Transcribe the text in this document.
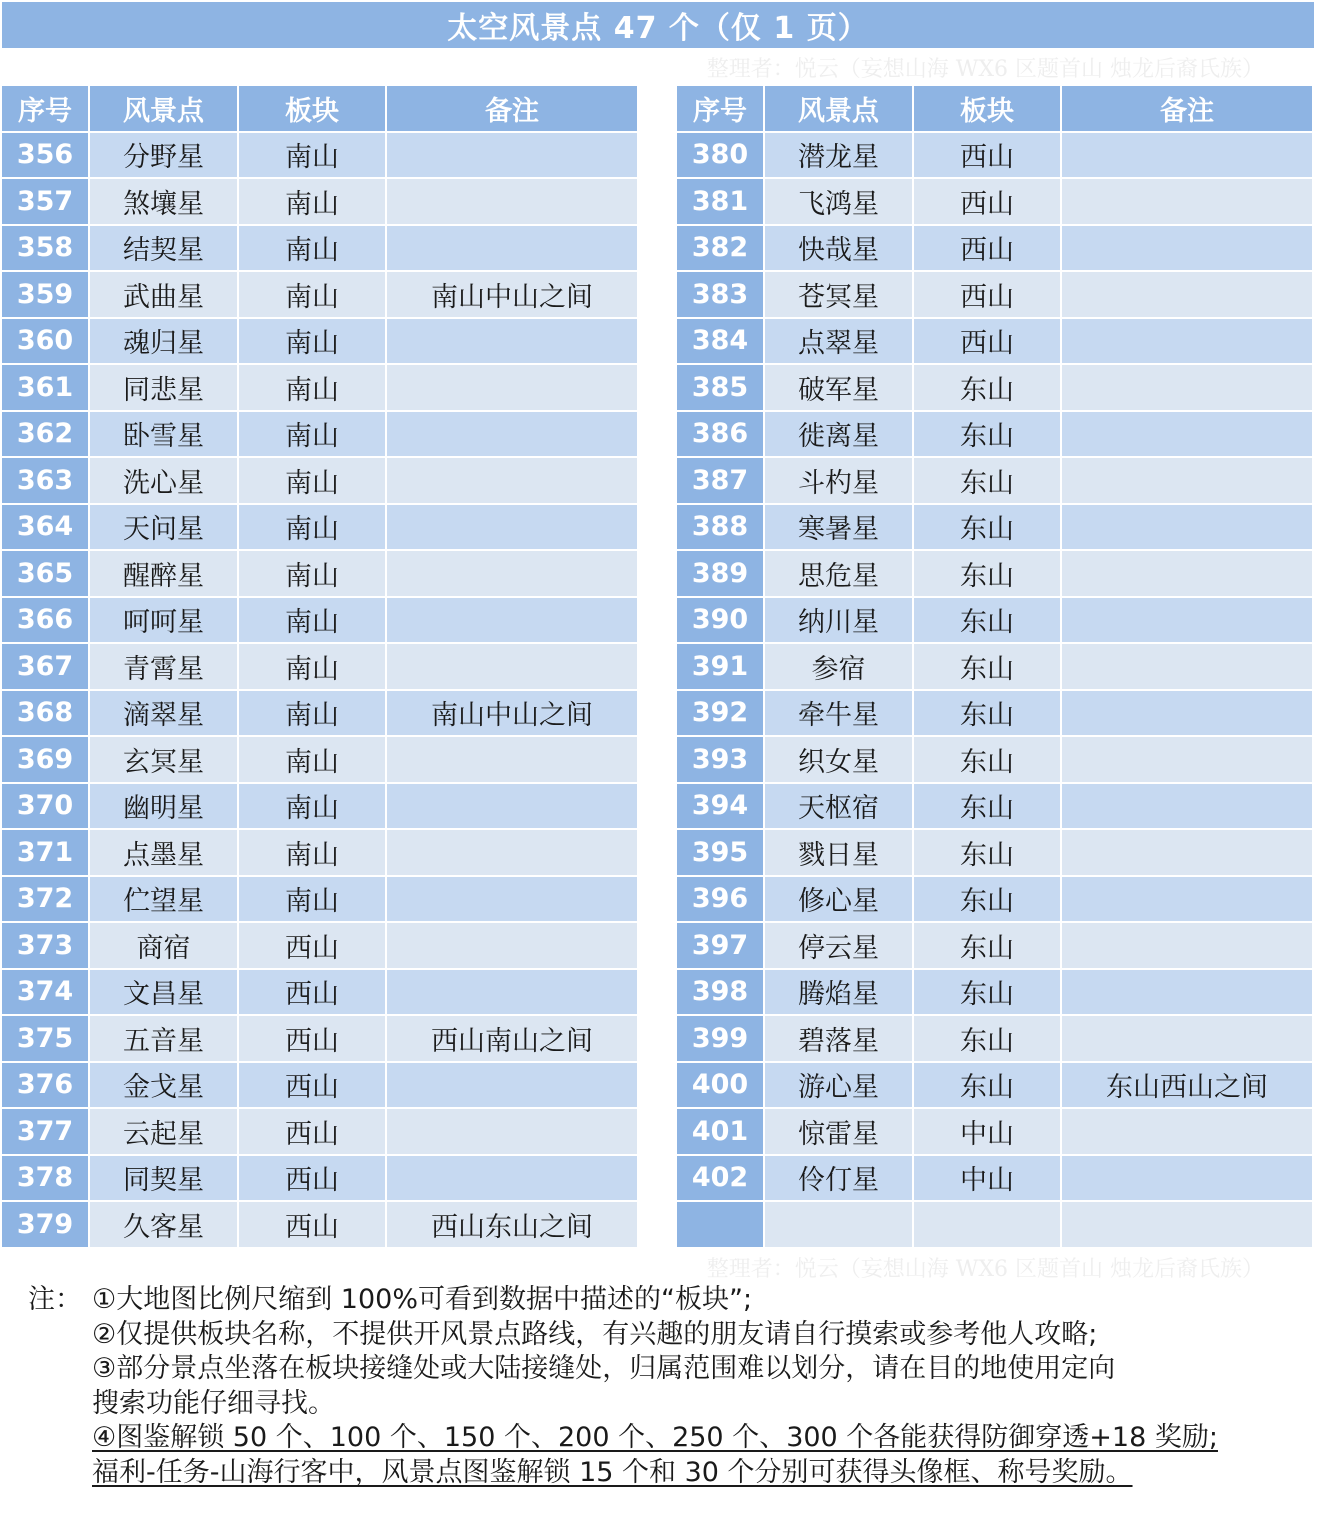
太空风景点 47 个（仅 1 页）
整理者：悦云（妄想山海 WX6 区题首山 烛龙后裔氏族）
序号	风景点	板块	备注
356	分野星	南山
357	煞壤星	南山
358	结契星	南山
359	武曲星	南山	南山中山之间
360	魂归星	南山
361	同悲星	南山
362	卧雪星	南山
363	洗心星	南山
364	天问星	南山
365	醒醉星	南山
366	呵呵星	南山
367	青霄星	南山
368	滴翠星	南山	南山中山之间
369	玄冥星	南山
370	幽明星	南山
371	点墨星	南山
372	伫望星	南山
373	商宿	西山
374	文昌星	西山
375	五音星	西山	西山南山之间
376	金戈星	西山
377	云起星	西山
378	同契星	西山
379	久客星	西山	西山东山之间
序号	风景点	板块	备注
380	潜龙星	西山
381	飞鸿星	西山
382	快哉星	西山
383	苍冥星	西山
384	点翠星	西山
385	破军星	东山
386	徙离星	东山
387	斗杓星	东山
388	寒暑星	东山
389	思危星	东山
390	纳川星	东山
391	参宿	东山
392	牵牛星	东山
393	织女星	东山
394	天枢宿	东山
395	戮日星	东山
396	修心星	东山
397	停云星	东山
398	腾焰星	东山
399	碧落星	东山
400	游心星	东山	东山西山之间
401	惊雷星	中山
402	伶仃星	中山
整理者：悦云（妄想山海 WX6 区题首山 烛龙后裔氏族）
注： ①大地图比例尺缩到 100%可看到数据中描述的“板块”;
②仅提供板块名称，不提供开风景点路线，有兴趣的朋友请自行摸索或参考他人攻略;
③部分景点坐落在板块接缝处或大陆接缝处，归属范围难以划分，请在目的地使用定向
搜索功能仔细寻找。
④图鉴解锁 50 个、100 个、150 个、200 个、250 个、300 个各能获得防御穿透+18 奖励;
福利-任务-山海行客中，风景点图鉴解锁 15 个和 30 个分别可获得头像框、称号奖励。
